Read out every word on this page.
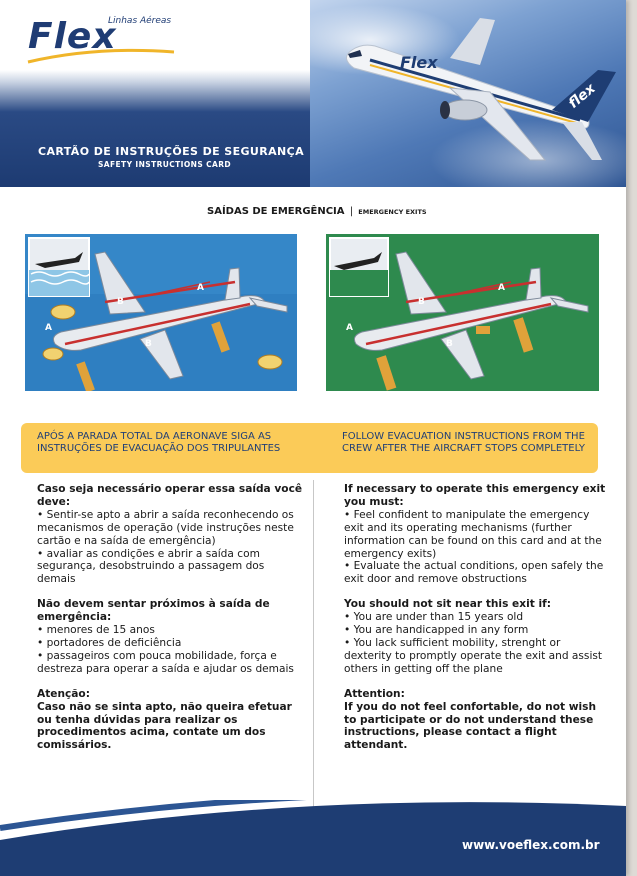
Flex
Linhas Aéreas
Flex
flex
CARTÃO DE INSTRUÇÕES DE SEGURANÇA
SAFETY INSTRUCTIONS CARD
SAÍDAS DE EMERGÊNCIA | EMERGENCY EXITS
A
B
A
B
A
B
A
B
APÓS A PARADA TOTAL DA AERONAVE SIGA AS INSTRUÇÕES DE EVACUAÇÃO DOS TRIPULANTES
FOLLOW EVACUATION INSTRUCTIONS FROM THE CREW AFTER THE AIRCRAFT STOPS COMPLETELY
Caso seja necessário operar essa saída você deve:
• Sentir-se apto a abrir a saída reconhecendo os mecanismos de operação (vide instruções neste cartão e na saída de emergência)
• avaliar as condições e abrir a saída com segurança, desobstruindo a passagem dos demais
Não devem sentar próximos à saída de emergência:
• menores de 15 anos
• portadores de deficiência
• passageiros com pouca mobilidade, força e destreza para operar a saída e ajudar os demais
Atenção:
Caso não se sinta apto, não queira efetuar ou tenha dúvidas para realizar os procedimentos acima, contate um dos comissários.
If necessary to operate this emergency exit you must:
• Feel confident to manipulate the emergency exit and its operating mechanisms (further information can be found on this card and at the emergency exits)
• Evaluate the actual conditions, open safely the exit door and remove obstructions
You should not sit near this exit if:
• You are under than 15 years old
• You are handicapped in any form
• You lack sufficient mobility, strenght or dexterity to promptly operate the exit and assist others in getting off the plane
Attention:
If you do not feel confortable, do not wish to participate or do not understand these instructions, please contact a flight attendant.
www.voeflex.com.br
